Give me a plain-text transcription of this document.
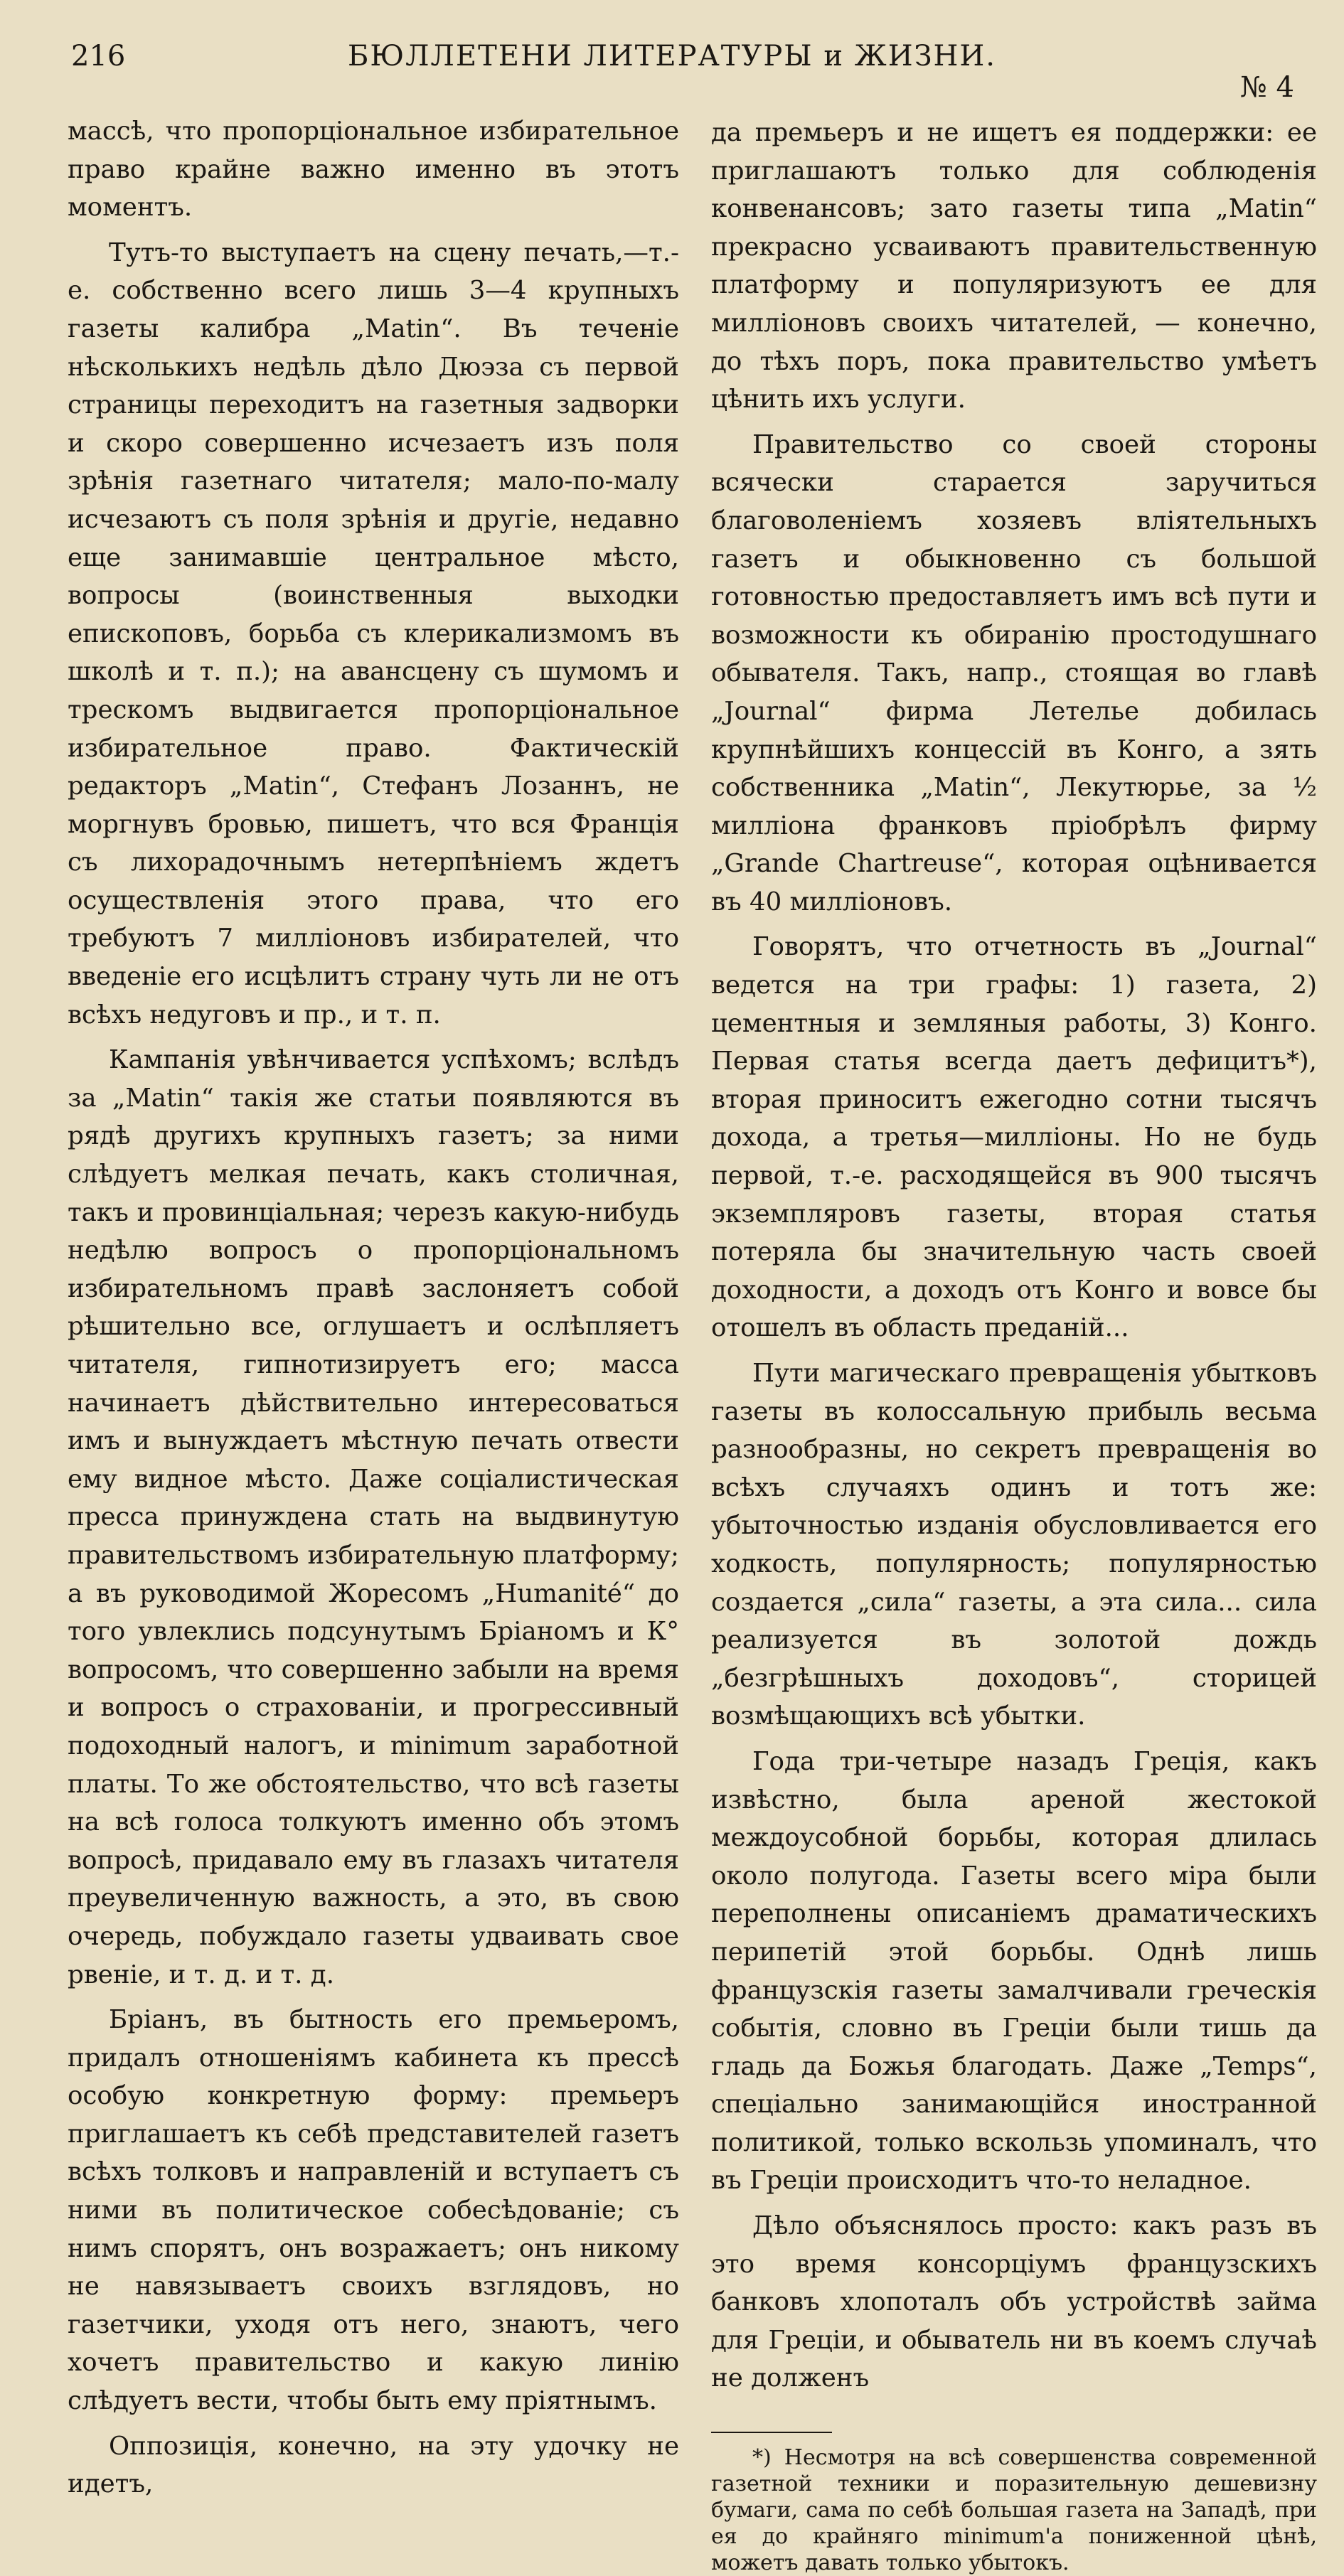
216	БЮЛЛЕТЕНИ ЛИТЕРАТУРЫ и ЖИЗНИ.
№ 4

массѣ, что пропорціональное избирательное право крайне важно именно въ этотъ моментъ.

Тутъ-то выступаетъ на сцену печать,—т.-е. собственно всего лишь 3—4 крупныхъ газеты калибра „Matin“. Въ теченіе нѣсколькихъ недѣль дѣло Дюэза съ первой страницы переходитъ на газетныя задворки и скоро совершенно исчезаетъ изъ поля зрѣнія газетнаго читателя; мало-по-малу исчезаютъ съ поля зрѣнія и другіе, недавно еще занимавшіе центральное мѣсто, вопросы (воинственныя выходки епископовъ, борьба съ клерикализмомъ въ школѣ и т. п.); на авансцену съ шумомъ и трескомъ выдвигается пропорціональное избирательное право. Фактическій редакторъ „Matin“, Стефанъ Лозаннъ, не моргнувъ бровью, пишетъ, что вся Франція съ лихорадочнымъ нетерпѣніемъ ждетъ осуществленія этого права, что его требуютъ 7 милліоновъ избирателей, что введеніе его исцѣлитъ страну чуть ли не отъ всѣхъ недуговъ и пр., и т. п.

Кампанія увѣнчивается успѣхомъ; вслѣдъ за „Matin“ такія же статьи появляются въ рядѣ другихъ крупныхъ газетъ; за ними слѣдуетъ мелкая печать, какъ столичная, такъ и провинціальная; черезъ какую-нибудь недѣлю вопросъ о пропорціональномъ избирательномъ правѣ заслоняетъ собой рѣшительно все, оглушаетъ и ослѣпляетъ читателя, гипнотизируетъ его; масса начинаетъ дѣйствительно интересоваться имъ и вынуждаетъ мѣстную печать отвести ему видное мѣсто. Даже соціалистическая пресса принуждена стать на выдвинутую правительствомъ избирательную платформу; а въ руководимой Жоресомъ „Humanité“ до того увлеклись подсунутымъ Бріаномъ и К° вопросомъ, что совершенно забыли на время и вопросъ о страхованіи, и прогрессивный подоходный налогъ, и minimum заработной платы. То же обстоятельство, что всѣ газеты на всѣ голоса толкуютъ именно объ этомъ вопросѣ, придавало ему въ глазахъ читателя преувеличенную важность, а это, въ свою очередь, побуждало газеты удваивать свое рвеніе, и т. д. и т. д.

Бріанъ, въ бытность его премьеромъ, придалъ отношеніямъ кабинета къ прессѣ особую конкретную форму: премьеръ приглашаетъ къ себѣ представителей газетъ всѣхъ толковъ и направленій и вступаетъ съ ними въ политическое собесѣдованіе; съ нимъ спорятъ, онъ возражаетъ; онъ никому не навязываетъ своихъ взглядовъ, но газетчики, уходя отъ него, знаютъ, чего хочетъ правительство и какую линію слѣдуетъ вести, чтобы быть ему пріятнымъ.

Оппозиція, конечно, на эту удочку не идетъ,

да премьеръ и не ищетъ ея поддержки: ее приглашаютъ только для соблюденія конвенансовъ; зато газеты типа „Matin“ прекрасно усваиваютъ правительственную платформу и популяризуютъ ее для милліоновъ своихъ читателей, — конечно, до тѣхъ поръ, пока правительство умѣетъ цѣнить ихъ услуги.

Правительство со своей стороны всячески старается заручиться благоволеніемъ хозяевъ вліятельныхъ газетъ и обыкновенно съ большой готовностью предоставляетъ имъ всѣ пути и возможности къ обиранію простодушнаго обывателя. Такъ, напр., стоящая во главѣ „Journal“ фирма Летелье добилась крупнѣйшихъ концессій въ Конго, а зять собственника „Matin“, Лекутюрье, за ½ милліона франковъ пріобрѣлъ фирму „Grande Chartreuse“, которая оцѣнивается въ 40 милліоновъ.

Говорятъ, что отчетность въ „Journal“ ведется на три графы: 1) газета, 2) цементныя и земляныя работы, 3) Конго. Первая статья всегда даетъ дефицитъ*), вторая приноситъ ежегодно сотни тысячъ дохода, а третья—милліоны. Но не будь первой, т.-е. расходящейся въ 900 тысячъ экземпляровъ газеты, вторая статья потеряла бы значительную часть своей доходности, а доходъ отъ Конго и вовсе бы отошелъ въ область преданій...

Пути магическаго превращенія убытковъ газеты въ колоссальную прибыль весьма разнообразны, но секретъ превращенія во всѣхъ случаяхъ одинъ и тотъ же: убыточностью изданія обусловливается его ходкость, популярность; популярностью создается „сила“ газеты, а эта сила... сила реализуется въ золотой дождь „безгрѣшныхъ доходовъ“, сторицей возмѣщающихъ всѣ убытки.

Года три-четыре назадъ Греція, какъ извѣстно, была ареной жестокой междоусобной борьбы, которая длилась около полугода. Газеты всего міра были переполнены описаніемъ драматическихъ перипетій этой борьбы. Однѣ лишь французскія газеты замалчивали греческія событія, словно въ Греціи были тишь да гладь да Божья благодать. Даже „Temps“, спеціально занимающійся иностранной политикой, только вскользь упоминалъ, что въ Греціи происходитъ что-то неладное.

Дѣло объяснялось просто: какъ разъ въ это время консорціумъ французскихъ банковъ хлопоталъ объ устройствѣ займа для Греціи, и обыватель ни въ коемъ случаѣ не долженъ

*) Несмотря на всѣ совершенства современной газетной техники и поразительную дешевизну бумаги, сама по себѣ большая газета на Западѣ, при ея до крайняго minimum'а пониженной цѣнѣ, можетъ давать только убытокъ.
